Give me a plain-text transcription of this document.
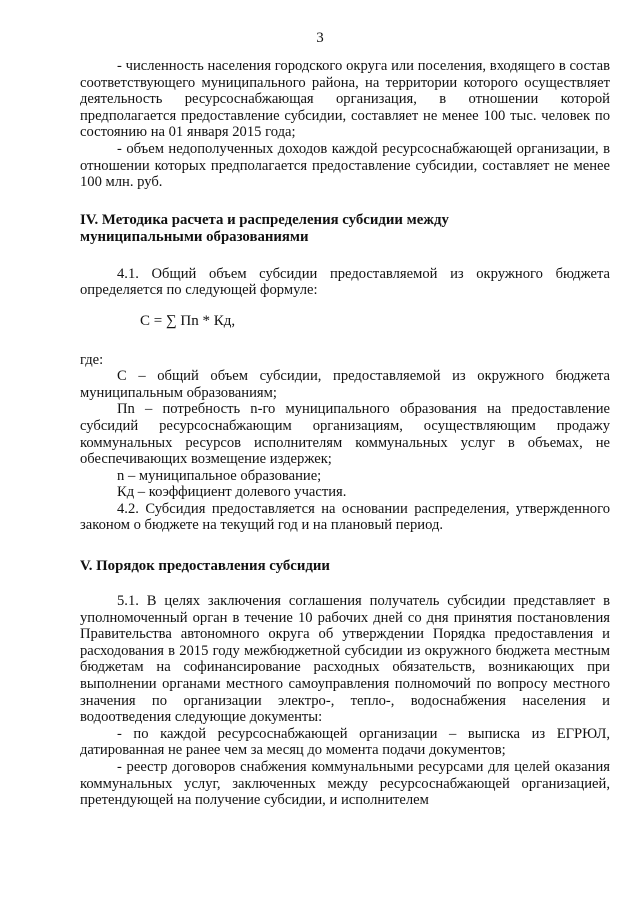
3

- численность населения городского округа или поселения, входящего в состав соответствующего муниципального района, на территории которого осуществляет деятельность ресурсоснабжающая организация, в отношении которой предполагается предоставление субсидии, составляет не менее 100 тыс. человек по состоянию на 01 января 2015 года;

- объем недополученных доходов каждой ресурсоснабжающей организации, в отношении которых предполагается предоставление субсидии, составляет не менее 100 млн. руб.

IV. Методика расчета и распределения субсидии между

муниципальными образованиями

4.1. Общий объем субсидии предоставляемой из окружного бюджета определяется по следующей формуле:

С = ∑ Пn * Кд,

где:

С – общий объем субсидии, предоставляемой из окружного бюджета муниципальным образованиям;

Пn – потребность n-го муниципального образования на предоставление субсидий ресурсоснабжающим организациям, осуществляющим продажу коммунальных ресурсов исполнителям коммунальных услуг в объемах, не обеспечивающих возмещение издержек;

n – муниципальное образование;

Кд – коэффициент долевого участия.

4.2. Субсидия предоставляется на основании распределения, утвержденного законом о бюджете на текущий год и на плановый период.

V. Порядок предоставления субсидии

5.1. В целях заключения соглашения получатель субсидии представляет в уполномоченный орган в течение 10 рабочих дней со дня принятия постановления Правительства автономного округа об утверждении Порядка предоставления и расходования в 2015 году межбюджетной субсидии из окружного бюджета местным бюджетам на софинансирование расходных обязательств, возникающих при выполнении органами местного самоуправления полномочий по вопросу местного значения по организации электро-, тепло-, водоснабжения населения и водоотведения следующие документы:

- по каждой ресурсоснабжающей организации – выписка из ЕГРЮЛ, датированная не ранее чем за месяц до момента подачи документов;

- реестр договоров снабжения коммунальными ресурсами для целей оказания коммунальных услуг, заключенных между ресурсоснабжающей организацией, претендующей на получение субсидии, и исполнителем
